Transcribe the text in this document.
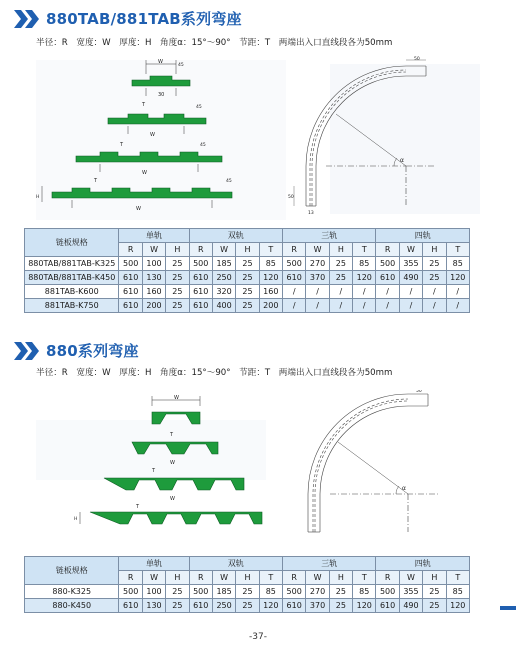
880TAB/881TAB系列弯座
半径：R　宽度：W　厚度：H　角度α：15°～90°　节距：T　两端出入口直线段各为50mm
W
45
30
T	45
W
T	45
W
T	45
H
W
α
50
50
13
链板规格	单轨			双轨				三轨				四轨			
	R	W	H	R	W	H	T	R	W	H	T	R	W	H	T
880TAB/881TAB-K325	500	100	25	500	185	25	85	500	270	25	85	500	355	25	85
880TAB/881TAB-K450	610	130	25	610	250	25	120	610	370	25	120	610	490	25	120
881TAB-K600	610	160	25	610	320	25	160	/	/	/	/	/	/	/	/
881TAB-K750	610	200	25	610	400	25	200	/	/	/	/	/	/	/	/
880系列弯座
半径：R　宽度：W　厚度：H　角度α：15°～90°　节距：T　两端出入口直线段各为50mm
W
T
W
T
W
T
H
α
50
链板规格	单轨			双轨				三轨				四轨			
	R	W	H	R	W	H	T	R	W	H	T	R	W	H	T
880-K325	500	100	25	500	185	25	85	500	270	25	85	500	355	25	85
880-K450	610	130	25	610	250	25	120	610	370	25	120	610	490	25	120
-37-
